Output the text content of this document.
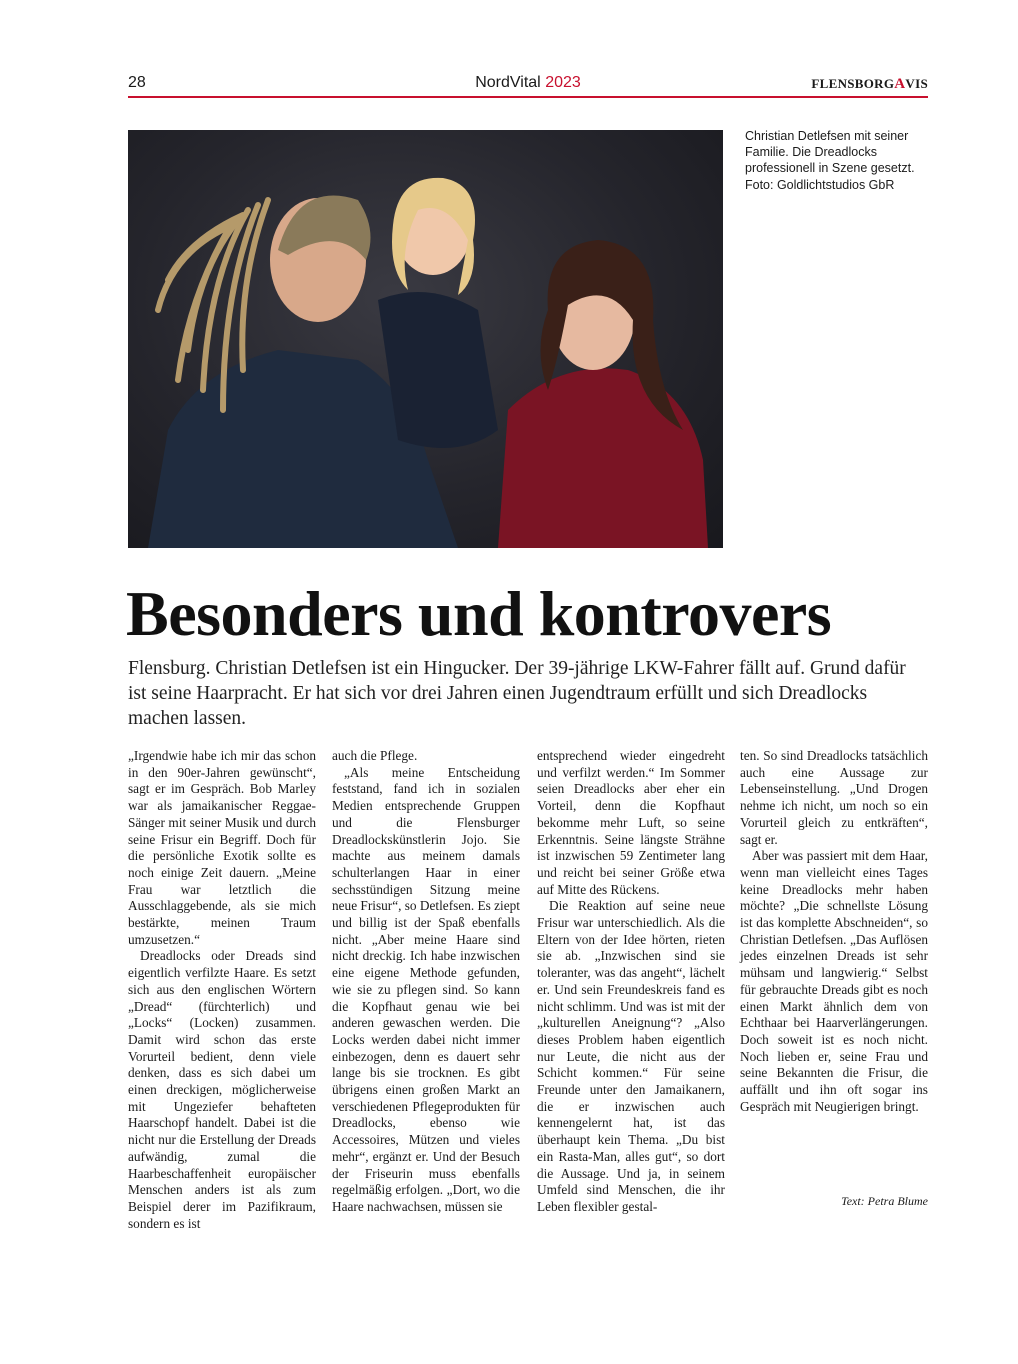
28	NordVital 2023	FLENSBORGAVIS
Christian Detlefsen mit seiner Familie. Die Dreadlocks professionell in Szene gesetzt. Foto: Goldlichtstudios GbR
Besonders und kontrovers

Flensburg. Christian Detlefsen ist ein Hingucker. Der 39-jährige LKW-Fahrer fällt auf. Grund dafür ist seine Haarpracht. Er hat sich vor drei Jahren einen Jugendtraum erfüllt und sich Dreadlocks machen lassen.

„Irgendwie habe ich mir das schon in den 90er-Jahren gewünscht“, sagt er im Gespräch. Bob Marley war als jamaikanischer Reggae-Sänger mit seiner Musik und durch seine Frisur ein Begriff. Doch für die persönliche Exotik sollte es noch einige Zeit dauern. „Meine Frau war letztlich die Ausschlaggebende, als sie mich bestärkte, meinen Traum umzusetzen.“

Dreadlocks oder Dreads sind eigentlich verfilzte Haare. Es setzt sich aus den englischen Wörtern „Dread“ (fürchterlich) und „Locks“ (Locken) zusammen. Damit wird schon das erste Vorurteil bedient, denn viele denken, dass es sich dabei um einen dreckigen, möglicherweise mit Ungeziefer behafteten Haarschopf handelt. Dabei ist die nicht nur die Erstellung der Dreads aufwändig, zumal die Haarbeschaffenheit europäischer Menschen anders ist als zum Beispiel derer im Pazifikraum, sondern es ist

auch die Pflege.

„Als meine Entscheidung feststand, fand ich in sozialen Medien entsprechende Gruppen und die Flensburger Dreadlockskünstlerin Jojo. Sie machte aus meinem damals schulterlangen Haar in einer sechsstündigen Sitzung meine neue Frisur“, so Detlefsen. Es ziept und billig ist der Spaß ebenfalls nicht. „Aber meine Haare sind nicht dreckig. Ich habe inzwischen eine eigene Methode gefunden, wie sie zu pflegen sind. So kann die Kopfhaut genau wie bei anderen gewaschen werden. Die Locks werden dabei nicht immer einbezogen, denn es dauert sehr lange bis sie trocknen. Es gibt übrigens einen großen Markt an verschiedenen Pflegeprodukten für Dreadlocks, ebenso wie Accessoires, Mützen und vieles mehr“, ergänzt er. Und der Besuch der Friseurin muss ebenfalls regelmäßig erfolgen. „Dort, wo die Haare nachwachsen, müssen sie

entsprechend wieder eingedreht und verfilzt werden.“ Im Sommer seien Dreadlocks aber eher ein Vorteil, denn die Kopfhaut bekomme mehr Luft, so seine Erkenntnis. Seine längste Strähne ist inzwischen 59 Zentimeter lang und reicht bei seiner Größe etwa auf Mitte des Rückens.

Die Reaktion auf seine neue Frisur war unterschiedlich. Als die Eltern von der Idee hörten, rieten sie ab. „Inzwischen sind sie toleranter, was das angeht“, lächelt er. Und sein Freundeskreis fand es nicht schlimm. Und was ist mit der „kulturellen Aneignung“? „Also dieses Problem haben eigentlich nur Leute, die nicht aus der Schicht kommen.“ Für seine Freunde unter den Jamaikanern, die er inzwischen auch kennengelernt hat, ist das überhaupt kein Thema. „Du bist ein Rasta-Man, alles gut“, so dort die Aussage. Und ja, in seinem Umfeld sind Menschen, die ihr Leben flexibler gestal-

ten. So sind Dreadlocks tatsächlich auch eine Aussage zur Lebenseinstellung. „Und Drogen nehme ich nicht, um noch so ein Vorurteil gleich zu entkräften“, sagt er.

Aber was passiert mit dem Haar, wenn man vielleicht eines Tages keine Dreadlocks mehr haben möchte? „Die schnellste Lösung ist das komplette Abschneiden“, so Christian Detlefsen. „Das Auflösen jedes einzelnen Dreads ist sehr mühsam und langwierig.“ Selbst für gebrauchte Dreads gibt es noch einen Markt ähnlich dem von Echthaar bei Haarverlängerungen. Doch soweit ist es noch nicht. Noch lieben er, seine Frau und seine Bekannten die Frisur, die auffällt und ihn oft sogar ins Gespräch mit Neugierigen bringt.

Text: Petra Blume
